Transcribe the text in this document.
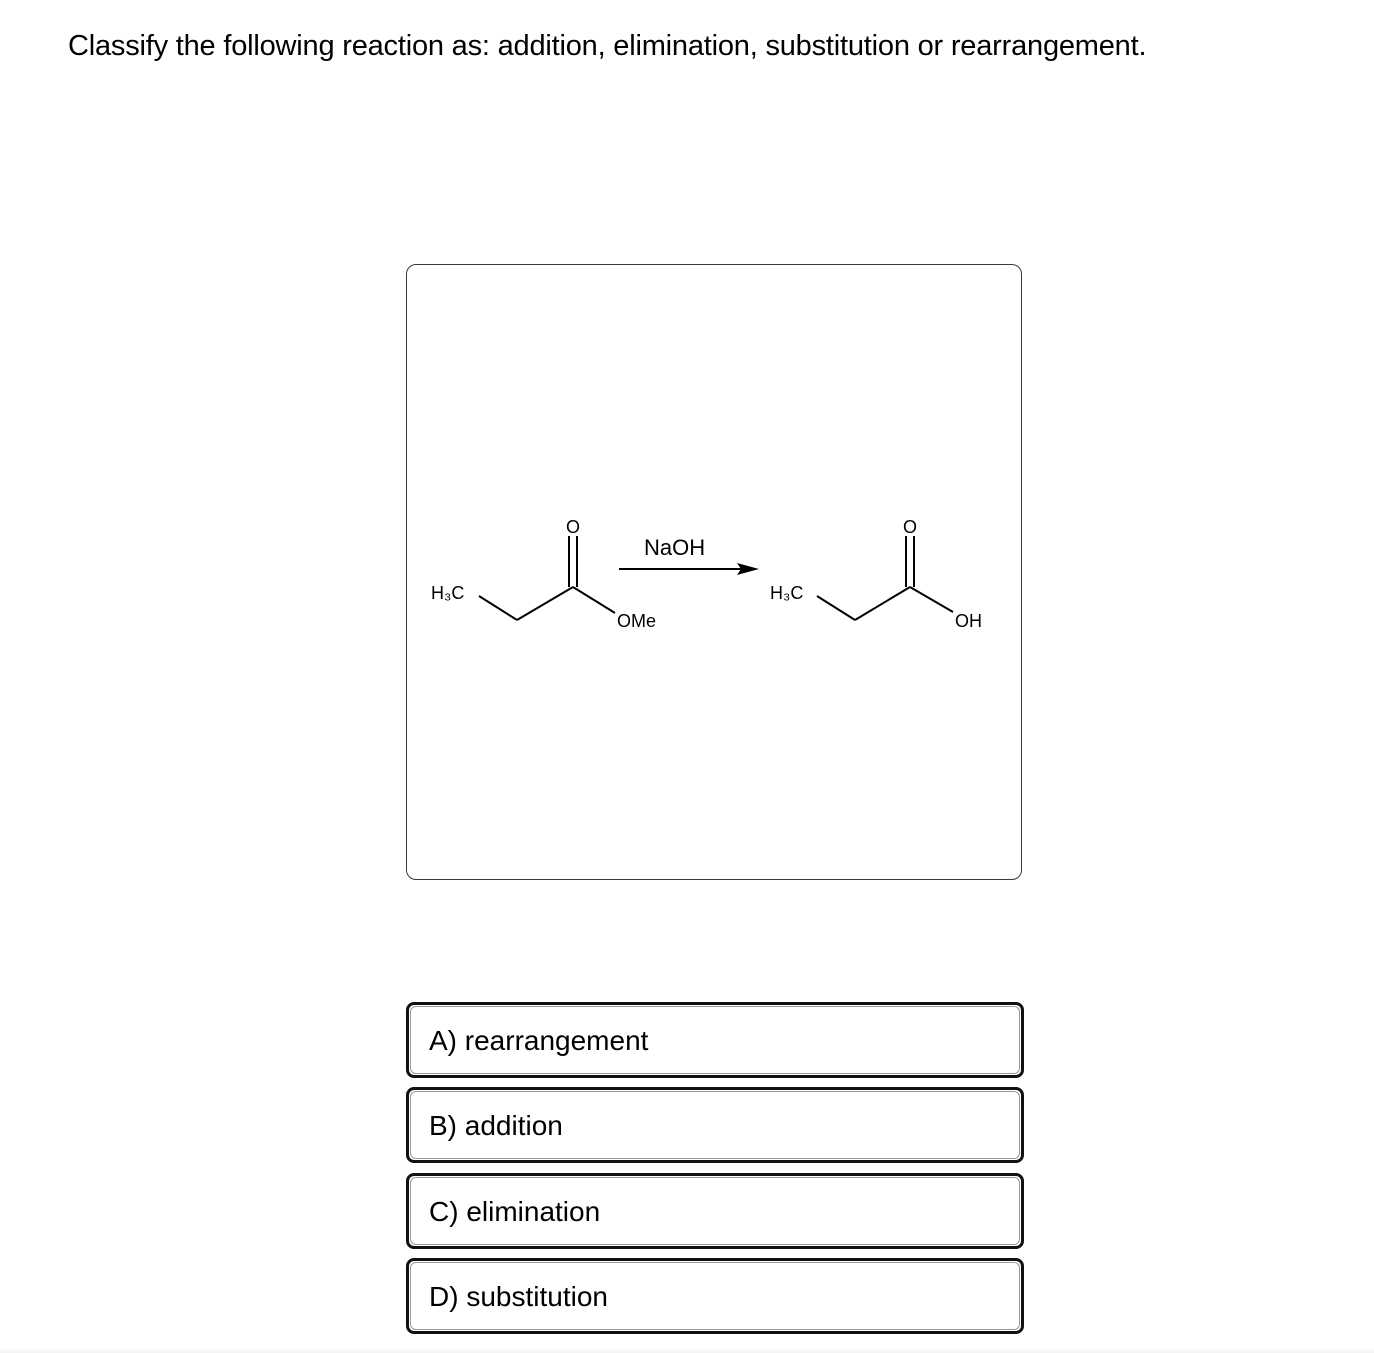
Classify the following reaction as: addition, elimination, substitution or rearrangement.
H₃C
O
OMe
NaOH
H₃C
O
OH
A) rearrangement
B) addition
C) elimination
D) substitution
